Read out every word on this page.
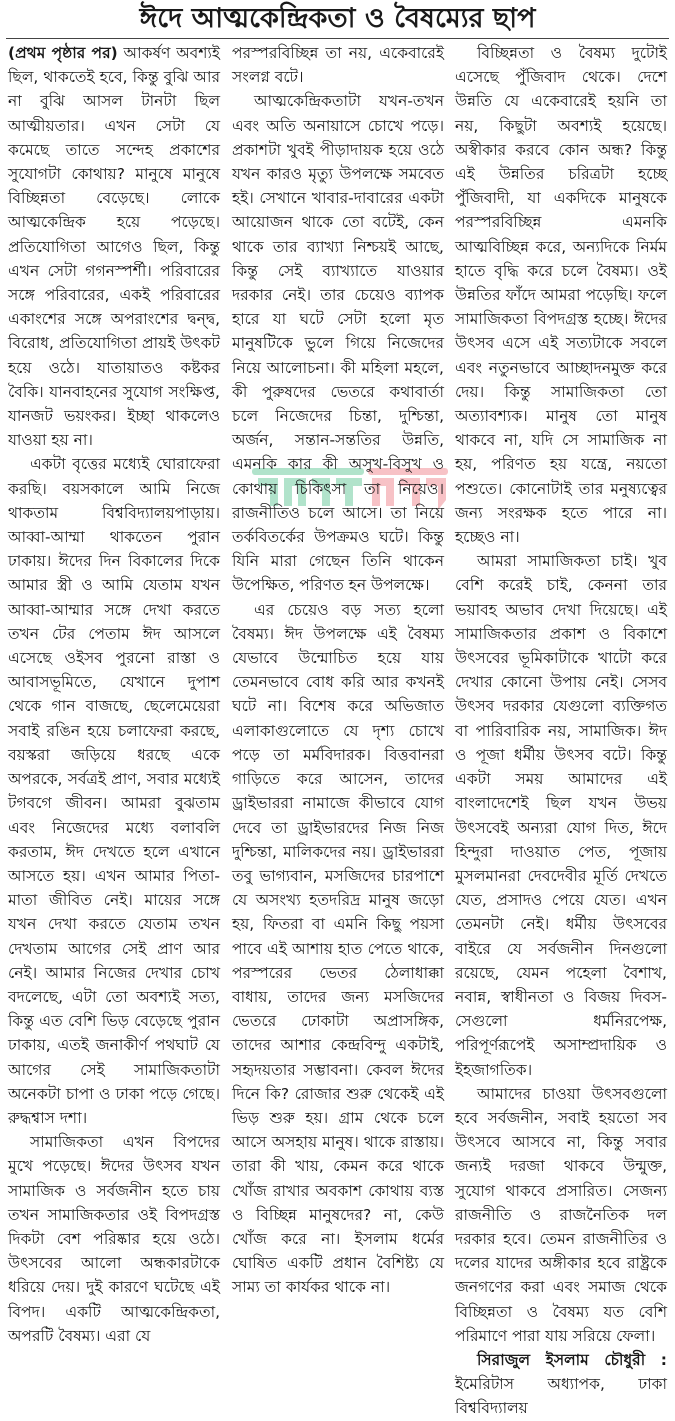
ঈদে আত্মকেন্দ্রিকতা ও বৈষম্যের ছাপ

(প্রথম পৃষ্ঠার পর) আকর্ষণ অবশ্যই ছিল, থাকতেই হবে, কিন্তু বুঝি আর না বুঝি আসল টানটা ছিল আত্মীয়তার। এখন সেটা যে কমেছে তাতে সন্দেহ প্রকাশের সুযোগটা কোথায়? মানুষে মানুষে বিচ্ছিন্নতা বেড়েছে। লোকে আত্মকেন্দ্রিক হয়ে পড়েছে। প্রতিযোগিতা আগেও ছিল, কিন্তু এখন সেটা গগনস্পর্শী। পরিবারের সঙ্গে পরিবারের, একই পরিবারের একাংশের সঙ্গে অপরাংশের দ্বন্দ্ব, বিরোধ, প্রতিযোগিতা প্রায়ই উৎকট হয়ে ওঠে। যাতায়াতও কষ্টকর বৈকি। যানবাহনের সুযোগ সংক্ষিপ্ত, যানজট ভয়ংকর। ইচ্ছা থাকলেও যাওয়া হয় না।

একটা বৃত্তের মধ্যেই ঘোরাফেরা করছি। বয়সকালে আমি নিজে থাকতাম বিশ্ববিদ্যালয়পাড়ায়। আব্বা-আম্মা থাকতেন পুরান ঢাকায়। ঈদের দিন বিকালের দিকে আমার স্ত্রী ও আমি যেতাম যখন আব্বা-আম্মার সঙ্গে দেখা করতে তখন টের পেতাম ঈদ আসলে এসেছে ওইসব পুরনো রাস্তা ও আবাসভূমিতে, যেখানে দুপাশ থেকে গান বাজছে, ছেলেমেয়েরা সবাই রঙিন হয়ে চলাফেরা করছে, বয়স্করা জড়িয়ে ধরছে একে অপরকে, সর্বত্রই প্রাণ, সবার মধ্যেই টগবগে জীবন। আমরা বুঝতাম এবং নিজেদের মধ্যে বলাবলি করতাম, ঈদ দেখতে হলে এখানে আসতে হয়। এখন আমার পিতা-মাতা জীবিত নেই। মায়ের সঙ্গে যখন দেখা করতে যেতাম তখন দেখতাম আগের সেই প্রাণ আর নেই। আমার নিজের দেখার চোখ বদলেছে, এটা তো অবশ্যই সত্য, কিন্তু এত বেশি ভিড় বেড়েছে পুরান ঢাকায়, এতই জনাকীর্ণ পথঘাট যে আগের সেই সামাজিকতাটা অনেকটা চাপা ও ঢাকা পড়ে গেছে। রুদ্ধশ্বাস দশা।

সামাজিকতা এখন বিপদের মুখে পড়েছে। ঈদের উৎসব যখন সামাজিক ও সর্বজনীন হতে চায় তখন সামাজিকতার ওই বিপদগ্রস্ত দিকটা বেশ পরিষ্কার হয়ে ওঠে। উৎসবের আলো অন্ধকারটাকে ধরিয়ে দেয়। দুই কারণে ঘটেছে এই বিপদ। একটি আত্মকেন্দ্রিকতা, অপরটি বৈষম্য। এরা যে

পরস্পরবিচ্ছিন্ন তা নয়, একেবারেই সংলগ্ন বটে।

আত্মকেন্দ্রিকতাটা যখন-তখন এবং অতি অনায়াসে চোখে পড়ে। প্রকাশটা খুবই পীড়াদায়ক হয়ে ওঠে যখন কারও মৃত্যু উপলক্ষে সমবেত হই। সেখানে খাবার-দাবারের একটা আয়োজন থাকে তো বটেই, কেন থাকে তার ব্যাখ্যা নিশ্চয়ই আছে, কিন্তু সেই ব্যাখ্যাতে যাওয়ার দরকার নেই। তার চেয়েও ব্যাপক হারে যা ঘটে সেটা হলো মৃত মানুষটিকে ভুলে গিয়ে নিজেদের নিয়ে আলোচনা। কী মহিলা মহলে, কী পুরুষদের ভেতরে কথাবার্তা চলে নিজেদের চিন্তা, দুশ্চিন্তা, অর্জন, সন্তান-সন্ততির উন্নতি, এমনকি কার কী অসুখ-বিসুখ ও কোথায় চিকিৎসা তা নিয়েও। রাজনীতিও চলে আসে। তা নিয়ে তর্কবিতর্কের উপক্রমও ঘটে। কিন্তু যিনি মারা গেছেন তিনি থাকেন উপেক্ষিত, পরিণত হন উপলক্ষে।

এর চেয়েও বড় সত্য হলো বৈষম্য। ঈদ উপলক্ষে এই বৈষম্য যেভাবে উন্মোচিত হয়ে যায় তেমনভাবে বোধ করি আর কখনই ঘটে না। বিশেষ করে অভিজাত এলাকাগুলোতে যে দৃশ্য চোখে পড়ে তা মর্মবিদারক। বিত্তবানরা গাড়িতে করে আসেন, তাদের ড্রাইভাররা নামাজে কীভাবে যোগ দেবে তা ড্রাইভারদের নিজ নিজ দুশ্চিন্তা, মালিকদের নয়। ড্রাইভাররা তবু ভাগ্যবান, মসজিদের চারপাশে যে অসংখ্য হতদরিদ্র মানুষ জড়ো হয়, ফিতরা বা এমনি কিছু পয়সা পাবে এই আশায় হাত পেতে থাকে, পরস্পরের ভেতর ঠেলাধাক্কা বাধায়, তাদের জন্য মসজিদের ভেতরে ঢোকাটা অপ্রাসঙ্গিক, তাদের আশার কেন্দ্রবিন্দু একটাই, সহৃদয়তার সম্ভাবনা। কেবল ঈদের দিনে কি? রোজার শুরু থেকেই এই ভিড় শুরু হয়। গ্রাম থেকে চলে আসে অসহায় মানুষ। থাকে রাস্তায়। তারা কী খায়, কেমন করে থাকে খোঁজ রাখার অবকাশ কোথায় ব্যস্ত ও বিচ্ছিন্ন মানুষদের? না, কেউ খোঁজ করে না। ইসলাম ধর্মের ঘোষিত একটি প্রধান বৈশিষ্ট্য যে সাম্য তা কার্যকর থাকে না।

বিচ্ছিন্নতা ও বৈষম্য দুটোই এসেছে পুঁজিবাদ থেকে। দেশে উন্নতি যে একেবারেই হয়নি তা নয়, কিছুটা অবশ্যই হয়েছে। অস্বীকার করবে কোন অন্ধ? কিন্তু এই উন্নতির চরিত্রটা হচ্ছে পুঁজিবাদী, যা একদিকে মানুষকে পরস্পরবিচ্ছিন্ন এমনকি আত্মবিচ্ছিন্ন করে, অন্যদিকে নির্মম হাতে বৃদ্ধি করে চলে বৈষম্য। ওই উন্নতির ফাঁদে আমরা পড়েছি। ফলে সামাজিকতা বিপদগ্রস্ত হচ্ছে। ঈদের উৎসব এসে এই সত্যটাকে সবলে এবং নতুনভাবে আচ্ছাদনমুক্ত করে দেয়। কিন্তু সামাজিকতা তো অত্যাবশ্যক। মানুষ তো মানুষ থাকবে না, যদি সে সামাজিক না হয়, পরিণত হয় যন্ত্রে, নয়তো পশুতে। কোনোটাই তার মনুষ্যত্বের জন্য সংরক্ষক হতে পারে না। হচ্ছেও না।

আমরা সামাজিকতা চাই। খুব বেশি করেই চাই, কেননা তার ভয়াবহ অভাব দেখা দিয়েছে। এই সামাজিকতার প্রকাশ ও বিকাশে উৎসবের ভূমিকাটাকে খাটো করে দেখার কোনো উপায় নেই। সেসব উৎসব দরকার যেগুলো ব্যক্তিগত বা পারিবারিক নয়, সামাজিক। ঈদ ও পূজা ধর্মীয় উৎসব বটে। কিন্তু একটা সময় আমাদের এই বাংলাদেশেই ছিল যখন উভয় উৎসবেই অন্যরা যোগ দিত, ঈদে হিন্দুরা দাওয়াত পেত, পূজায় মুসলমানরা দেবদেবীর মূর্তি দেখতে যেত, প্রসাদও পেয়ে যেত। এখন তেমনটা নেই। ধর্মীয় উৎসবের বাইরে যে সর্বজনীন দিনগুলো রয়েছে, যেমন পহেলা বৈশাখ, নবান্ন, স্বাধীনতা ও বিজয় দিবস- সেগুলো ধর্মনিরপেক্ষ, পরিপূর্ণরূপেই অসাম্প্রদায়িক ও ইহজাগতিক।

আমাদের চাওয়া উৎসবগুলো হবে সর্বজনীন, সবাই হয়তো সব উৎসবে আসবে না, কিন্তু সবার জন্যই দরজা থাকবে উন্মুক্ত, সুযোগ থাকবে প্রসারিত। সেজন্য রাজনীতি ও রাজনৈতিক দল দরকার হবে। তেমন রাজনীতির ও দলের যাদের অঙ্গীকার হবে রাষ্ট্রকে জনগণের করা এবং সমাজ থেকে বিচ্ছিন্নতা ও বৈষম্য যত বেশি পরিমাণে পারা যায় সরিয়ে ফেলা।

সিরাজুল ইসলাম চৌধুরী : ইমেরিটাস অধ্যাপক, ঢাকা বিশ্ববিদ্যালয়
